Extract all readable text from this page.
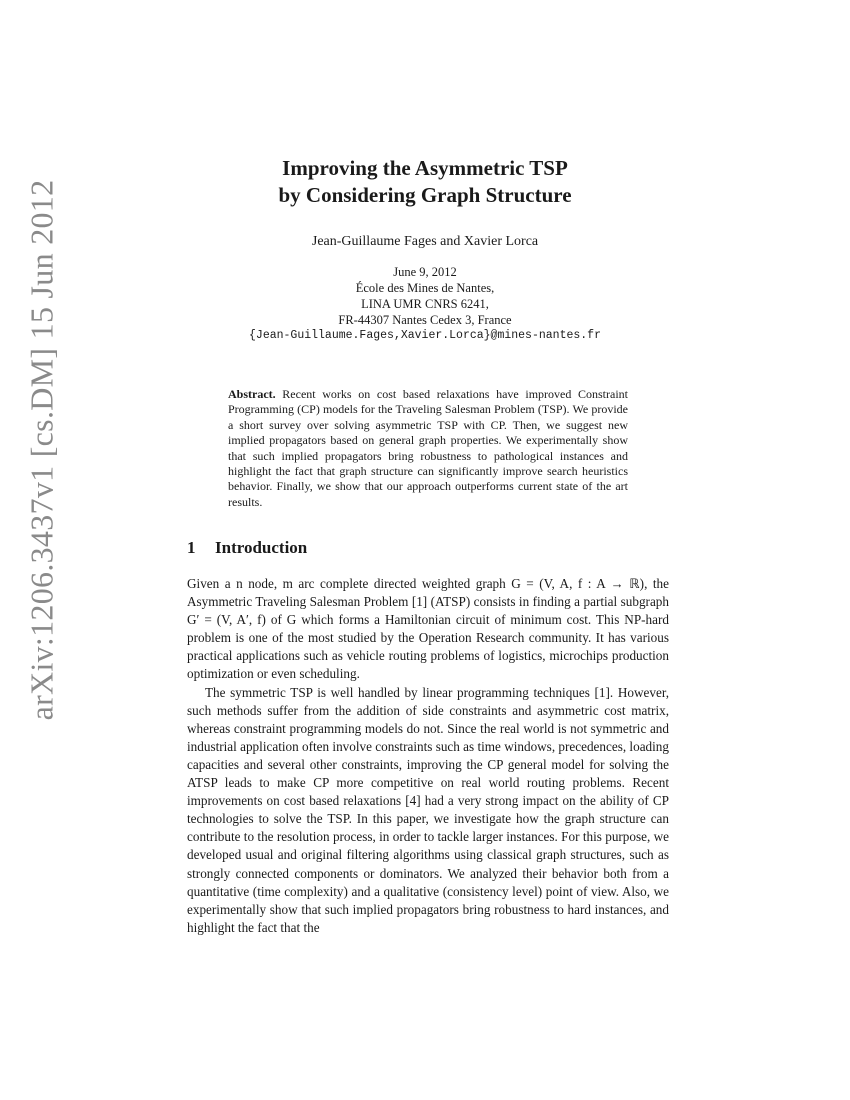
arXiv:1206.3437v1 [cs.DM] 15 Jun 2012
Improving the Asymmetric TSP
by Considering Graph Structure
Jean-Guillaume Fages and Xavier Lorca
June 9, 2012
École des Mines de Nantes,
LINA UMR CNRS 6241,
FR-44307 Nantes Cedex 3, France
{Jean-Guillaume.Fages,Xavier.Lorca}@mines-nantes.fr
Abstract. Recent works on cost based relaxations have improved Constraint Programming (CP) models for the Traveling Salesman Problem (TSP). We provide a short survey over solving asymmetric TSP with CP. Then, we suggest new implied propagators based on general graph properties. We experimentally show that such implied propagators bring robustness to pathological instances and highlight the fact that graph structure can significantly improve search heuristics behavior. Finally, we show that our approach outperforms current state of the art results.
1 Introduction

Given a n node, m arc complete directed weighted graph G = (V, A, f : A → ℝ), the Asymmetric Traveling Salesman Problem [1] (ATSP) consists in finding a partial subgraph G′ = (V, A′, f) of G which forms a Hamiltonian circuit of minimum cost. This NP-hard problem is one of the most studied by the Operation Research community. It has various practical applications such as vehicle routing problems of logistics, microchips production optimization or even scheduling.

The symmetric TSP is well handled by linear programming techniques [1]. However, such methods suffer from the addition of side constraints and asymmetric cost matrix, whereas constraint programming models do not. Since the real world is not symmetric and industrial application often involve constraints such as time windows, precedences, loading capacities and several other constraints, improving the CP general model for solving the ATSP leads to make CP more competitive on real world routing problems. Recent improvements on cost based relaxations [4] had a very strong impact on the ability of CP technologies to solve the TSP. In this paper, we investigate how the graph structure can contribute to the resolution process, in order to tackle larger instances. For this purpose, we developed usual and original filtering algorithms using classical graph structures, such as strongly connected components or dominators. We analyzed their behavior both from a quantitative (time complexity) and a qualitative (consistency level) point of view. Also, we experimentally show that such implied propagators bring robustness to hard instances, and highlight the fact that the
